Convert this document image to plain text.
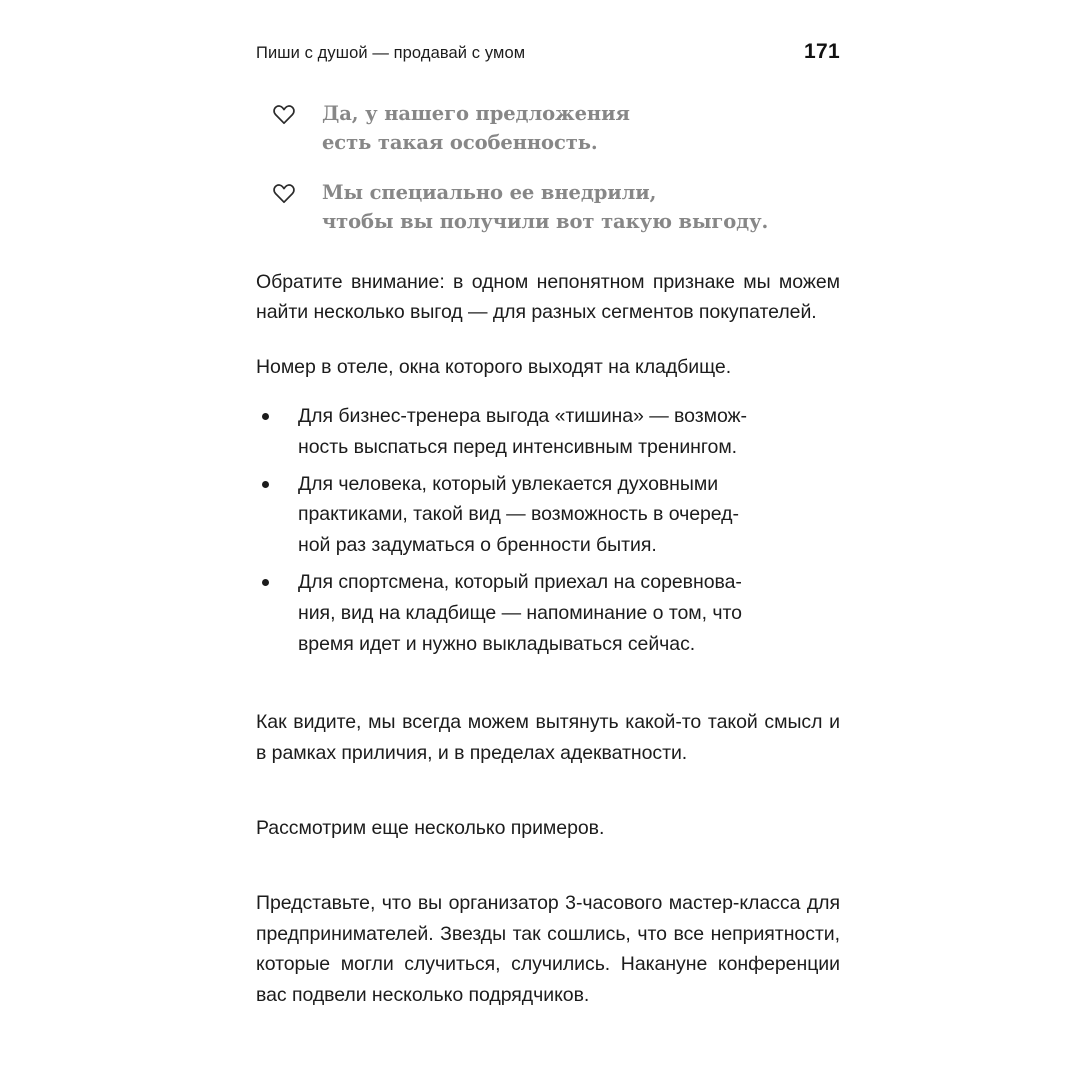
Пиши с душой — продавай с умом	171
Да, у нашего предложения
есть такая особенность.
Мы специально ее внедрили,
чтобы вы получили вот такую выгоду.

Обратите внимание: в одном непонятном признаке мы можем найти несколько выгод — для разных сегментов покупателей.

Номер в отеле, окна которого выходят на кладбище.

Для бизнес-тренера выгода «тишина» — возмож-
ность выспаться перед интенсивным тренингом.
Для человека, который увлекается духовными
практиками, такой вид — возможность в очеред-
ной раз задуматься о бренности бытия.
Для спортсмена, который приехал на соревнова-
ния, вид на кладбище — напоминание о том, что
время идет и нужно выкладываться сейчас.

Как видите, мы всегда можем вытянуть какой-то такой смысл и в рамках приличия, и в пределах адекватности.

Рассмотрим еще несколько примеров.

Представьте, что вы организатор 3-часового мастер-класса для предпринимателей. Звезды так сошлись, что все неприятности, которые могли случиться, случились. Накануне конференции вас подвели несколько подрядчиков.
